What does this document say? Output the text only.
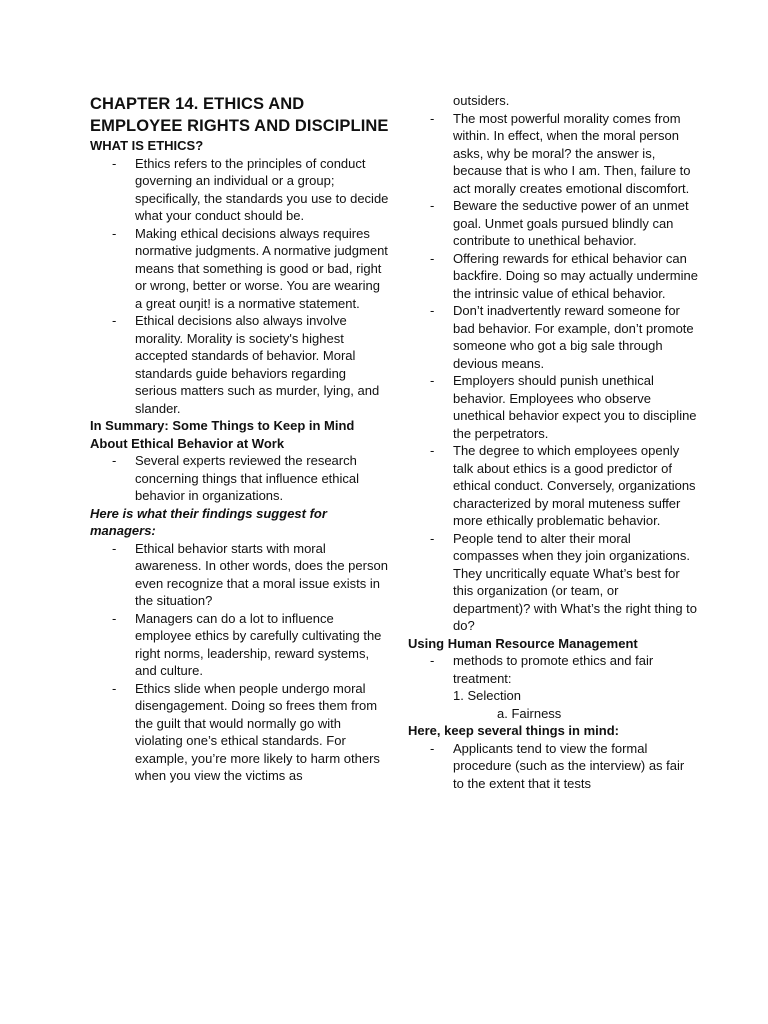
CHAPTER 14. ETHICS AND EMPLOYEE RIGHTS AND DISCIPLINE

WHAT IS ETHICS?

- Ethics refers to the principles of conduct governing an individual or a group; specifically, the standards you use to decide what your conduct should be.
- Making ethical decisions always requires normative judgments. A normative judgment means that something is good or bad, right or wrong, better or worse. You are wearing a great ouŋit! is a normative statement.
- Ethical decisions also always involve morality. Morality is society's highest accepted standards of behavior. Moral standards guide behaviors regarding serious matters such as murder, lying, and slander.

In Summary: Some Things to Keep in Mind About Ethical Behavior at Work

- Several experts reviewed the research concerning things that influence ethical behavior in organizations.

Here is what their findings suggest for managers:

- Ethical behavior starts with moral awareness. In other words, does the person even recognize that a moral issue exists in the situation?
- Managers can do a lot to influence employee ethics by carefully cultivating the right norms, leadership, reward systems, and culture.
- Ethics slide when people undergo moral disengagement. Doing so frees them from the guilt that would normally go with violating one’s ethical standards. For example, you’re more likely to harm others when you view the victims as

outsiders.

- The most powerful morality comes from within. In effect, when the moral person asks, why be moral? the answer is, because that is who I am. Then, failure to act morally creates emotional discomfort.
- Beware the seductive power of an unmet goal. Unmet goals pursued blindly can contribute to unethical behavior.
- Offering rewards for ethical behavior can backfire. Doing so may actually undermine the intrinsic value of ethical behavior.
- Don’t inadvertently reward someone for bad behavior. For example, don’t promote someone who got a big sale through devious means.
- Employers should punish unethical behavior. Employees who observe unethical behavior expect you to discipline the perpetrators.
- The degree to which employees openly talk about ethics is a good predictor of ethical conduct. Conversely, organizations characterized by moral muteness suffer more ethically problematic behavior.
- People tend to alter their moral compasses when they join organizations. They uncritically equate What’s best for this organization (or team, or department)? with What’s the right thing to do?

Using Human Resource Management

- methods to promote ethics and fair treatment:

1. Selection

a. Fairness

Here, keep several things in mind:

- Applicants tend to view the formal procedure (such as the interview) as fair to the extent that it tests
